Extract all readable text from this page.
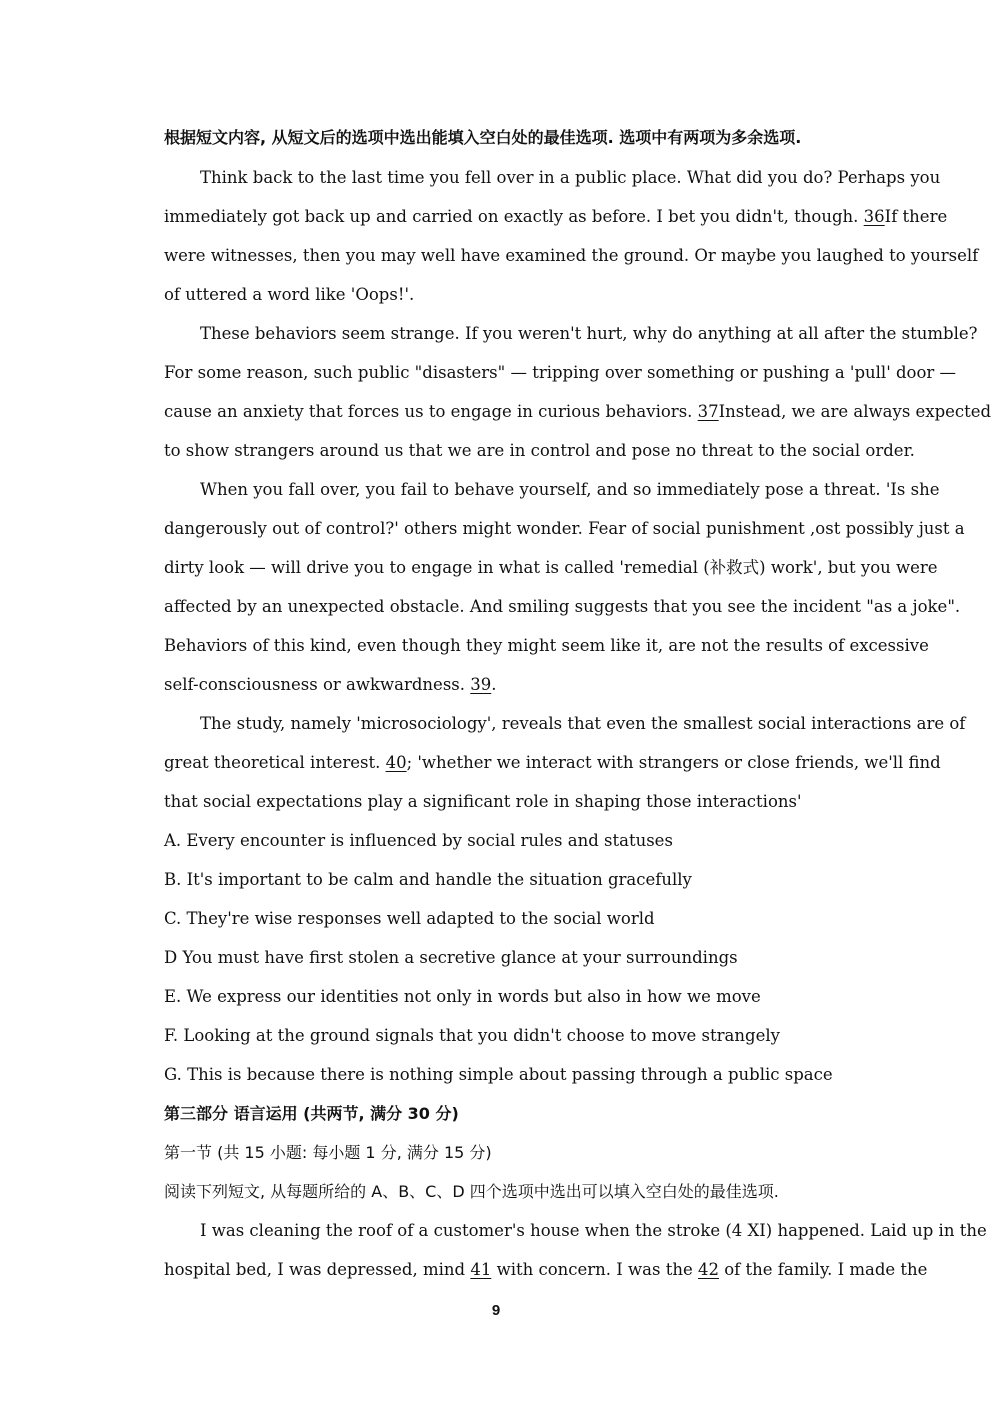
根据短文内容, 从短文后的选项中选出能填入空白处的最佳选项. 选项中有两项为多余选项.
Think back to the last time you fell over in a public place. What did you do? Perhaps you
immediately got back up and carried on exactly as before. I bet you didn't, though. 36If there
were witnesses, then you may well have examined the ground. Or maybe you laughed to yourself
of uttered a word like 'Oops!'.
These behaviors seem strange. If you weren't hurt, why do anything at all after the stumble?
For some reason, such public "disasters" — tripping over something or pushing a 'pull' door —
cause an anxiety that forces us to engage in curious behaviors. 37Instead, we are always expected
to show strangers around us that we are in control and pose no threat to the social order.
When you fall over, you fail to behave yourself, and so immediately pose a threat. 'Is she
dangerously out of control?' others might wonder. Fear of social punishment ,ost possibly just a
dirty look — will drive you to engage in what is called 'remedial (补救式) work', but you were
affected by an unexpected obstacle. And smiling suggests that you see the incident "as a joke".
Behaviors of this kind, even though they might seem like it, are not the results of excessive
self-consciousness or awkwardness. 39.
The study, namely 'microsociology', reveals that even the smallest social interactions are of
great theoretical interest. 40; 'whether we interact with strangers or close friends, we'll find
that social expectations play a significant role in shaping those interactions'
A. Every encounter is influenced by social rules and statuses
B. It's important to be calm and handle the situation gracefully
C. They're wise responses well adapted to the social world
D You must have first stolen a secretive glance at your surroundings
E. We express our identities not only in words but also in how we move
F. Looking at the ground signals that you didn't choose to move strangely
G. This is because there is nothing simple about passing through a public space
第三部分 语言运用 (共两节, 满分 30 分)
第一节 (共 15 小题: 每小题 1 分, 满分 15 分)
阅读下列短文, 从每题所给的 A、B、C、D 四个选项中选出可以填入空白处的最佳选项.
I was cleaning the roof of a customer's house when the stroke (4 XI) happened. Laid up in the
hospital bed, I was depressed, mind 41 with concern. I was the 42 of the family. I made the
9
